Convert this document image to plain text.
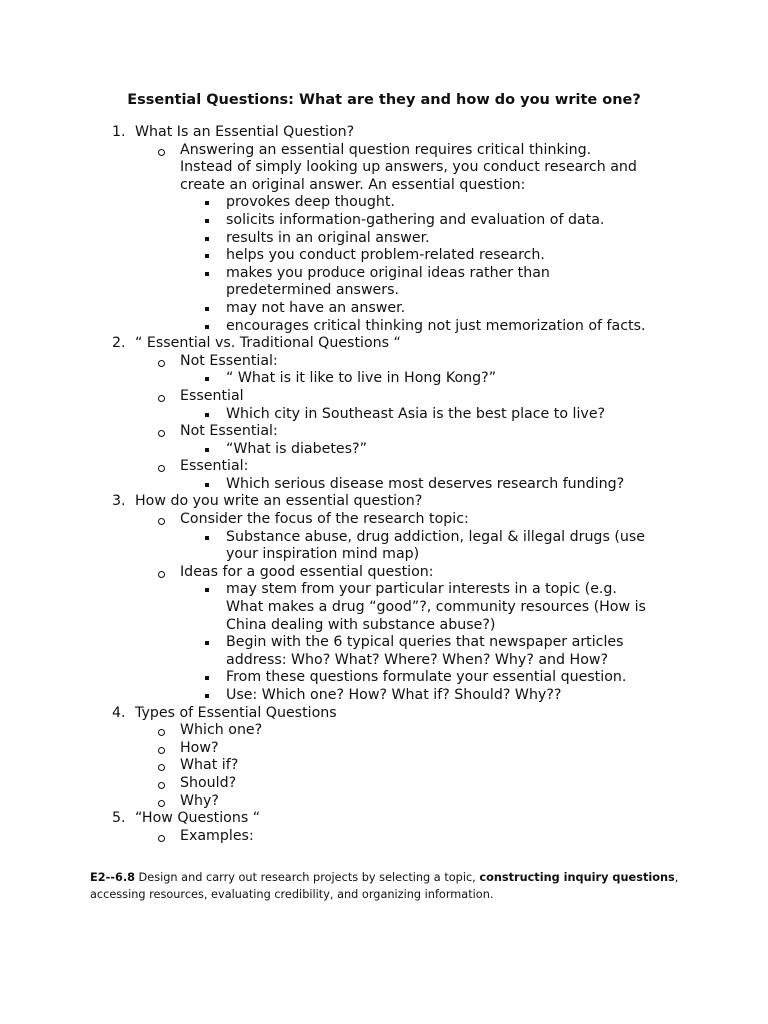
Essential Questions: What are they and how do you write one?
1. What Is an Essential Question?
Answering an essential question requires critical thinking.
Instead of simply looking up answers, you conduct research and
create an original answer. An essential question:
provokes deep thought.
solicits information-gathering and evaluation of data.
results in an original answer.
helps you conduct problem-related research.
makes you produce original ideas rather than
predetermined answers.
may not have an answer.
encourages critical thinking not just memorization of facts.
2. “ Essential vs. Traditional Questions “
Not Essential:
“ What is it like to live in Hong Kong?”
Essential
Which city in Southeast Asia is the best place to live?
Not Essential:
“What is diabetes?”
Essential:
Which serious disease most deserves research funding?
3. How do you write an essential question?
Consider the focus of the research topic:
Substance abuse, drug addiction, legal & illegal drugs (use
your inspiration mind map)
Ideas for a good essential question:
may stem from your particular interests in a topic (e.g.
What makes a drug “good”?, community resources (How is
China dealing with substance abuse?)
Begin with the 6 typical queries that newspaper articles
address: Who? What? Where? When? Why? and How?
From these questions formulate your essential question.
Use: Which one? How? What if? Should? Why??
4. Types of Essential Questions
Which one?
How?
What if?
Should?
Why?
5. “How Questions “
Examples:
E2--6.8 Design and carry out research projects by selecting a topic, constructing inquiry questions, accessing resources, evaluating credibility, and organizing information.
